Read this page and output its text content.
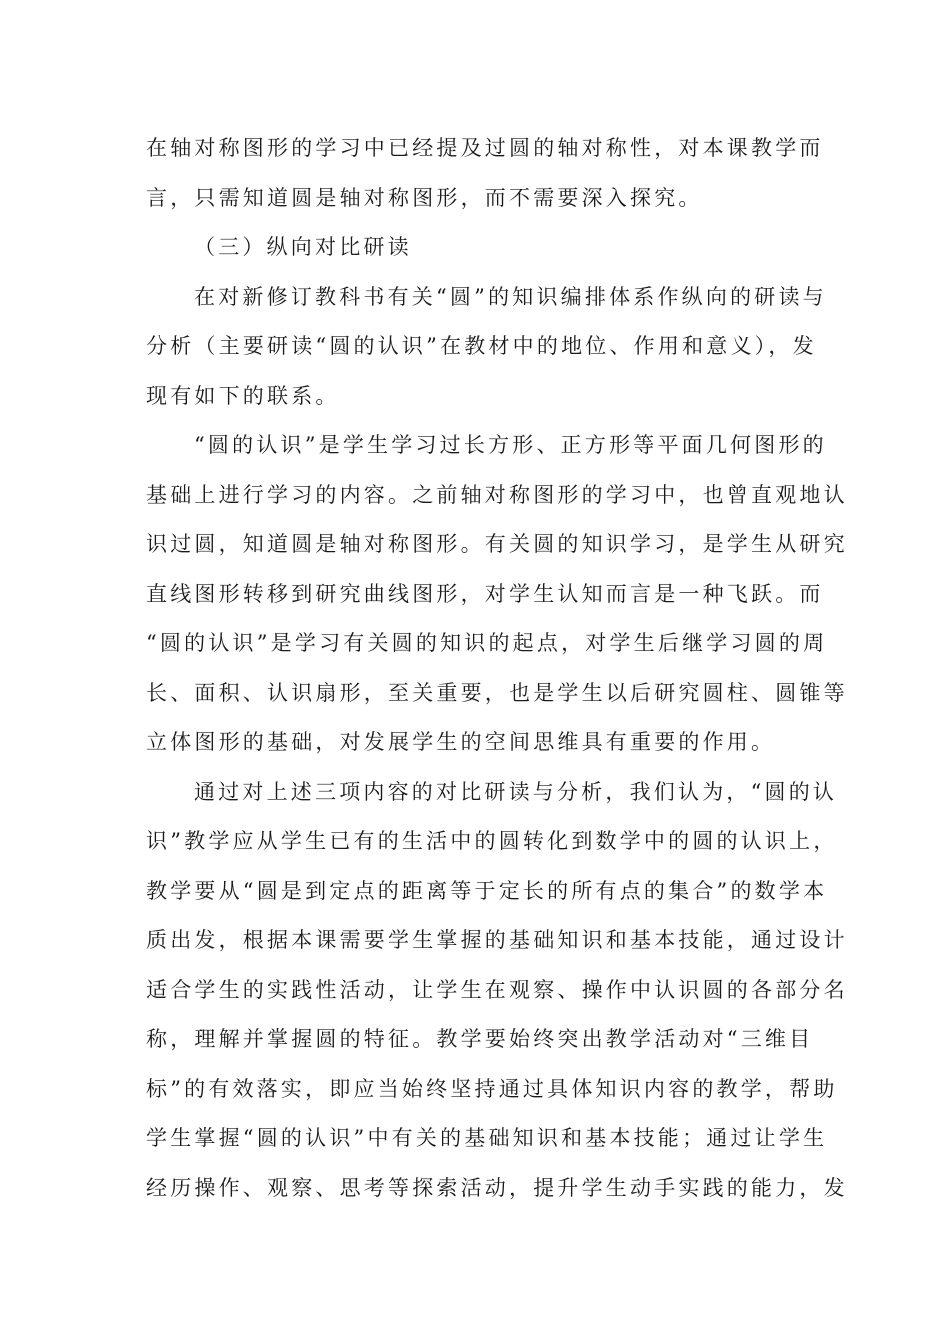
在轴对称图形的学习中已经提及过圆的轴对称性，对本课教学而
言，只需知道圆是轴对称图形，而不需要深入探究。
（三）纵向对比研读
在对新修订教科书有关“圆”的知识编排体系作纵向的研读与
分析（主要研读“圆的认识”在教材中的地位、作用和意义），发
现有如下的联系。
“圆的认识”是学生学习过长方形、正方形等平面几何图形的
基础上进行学习的内容。之前轴对称图形的学习中，也曾直观地认
识过圆，知道圆是轴对称图形。有关圆的知识学习，是学生从研究
直线图形转移到研究曲线图形，对学生认知而言是一种飞跃。而
“圆的认识”是学习有关圆的知识的起点，对学生后继学习圆的周
长、面积、认识扇形，至关重要，也是学生以后研究圆柱、圆锥等
立体图形的基础，对发展学生的空间思维具有重要的作用。
通过对上述三项内容的对比研读与分析，我们认为，“圆的认
识”教学应从学生已有的生活中的圆转化到数学中的圆的认识上，
教学要从“圆是到定点的距离等于定长的所有点的集合”的数学本
质出发，根据本课需要学生掌握的基础知识和基本技能，通过设计
适合学生的实践性活动，让学生在观察、操作中认识圆的各部分名
称，理解并掌握圆的特征。教学要始终突出教学活动对“三维目
标”的有效落实，即应当始终坚持通过具体知识内容的教学，帮助
学生掌握“圆的认识”中有关的基础知识和基本技能；通过让学生
经历操作、观察、思考等探索活动，提升学生动手实践的能力，发
